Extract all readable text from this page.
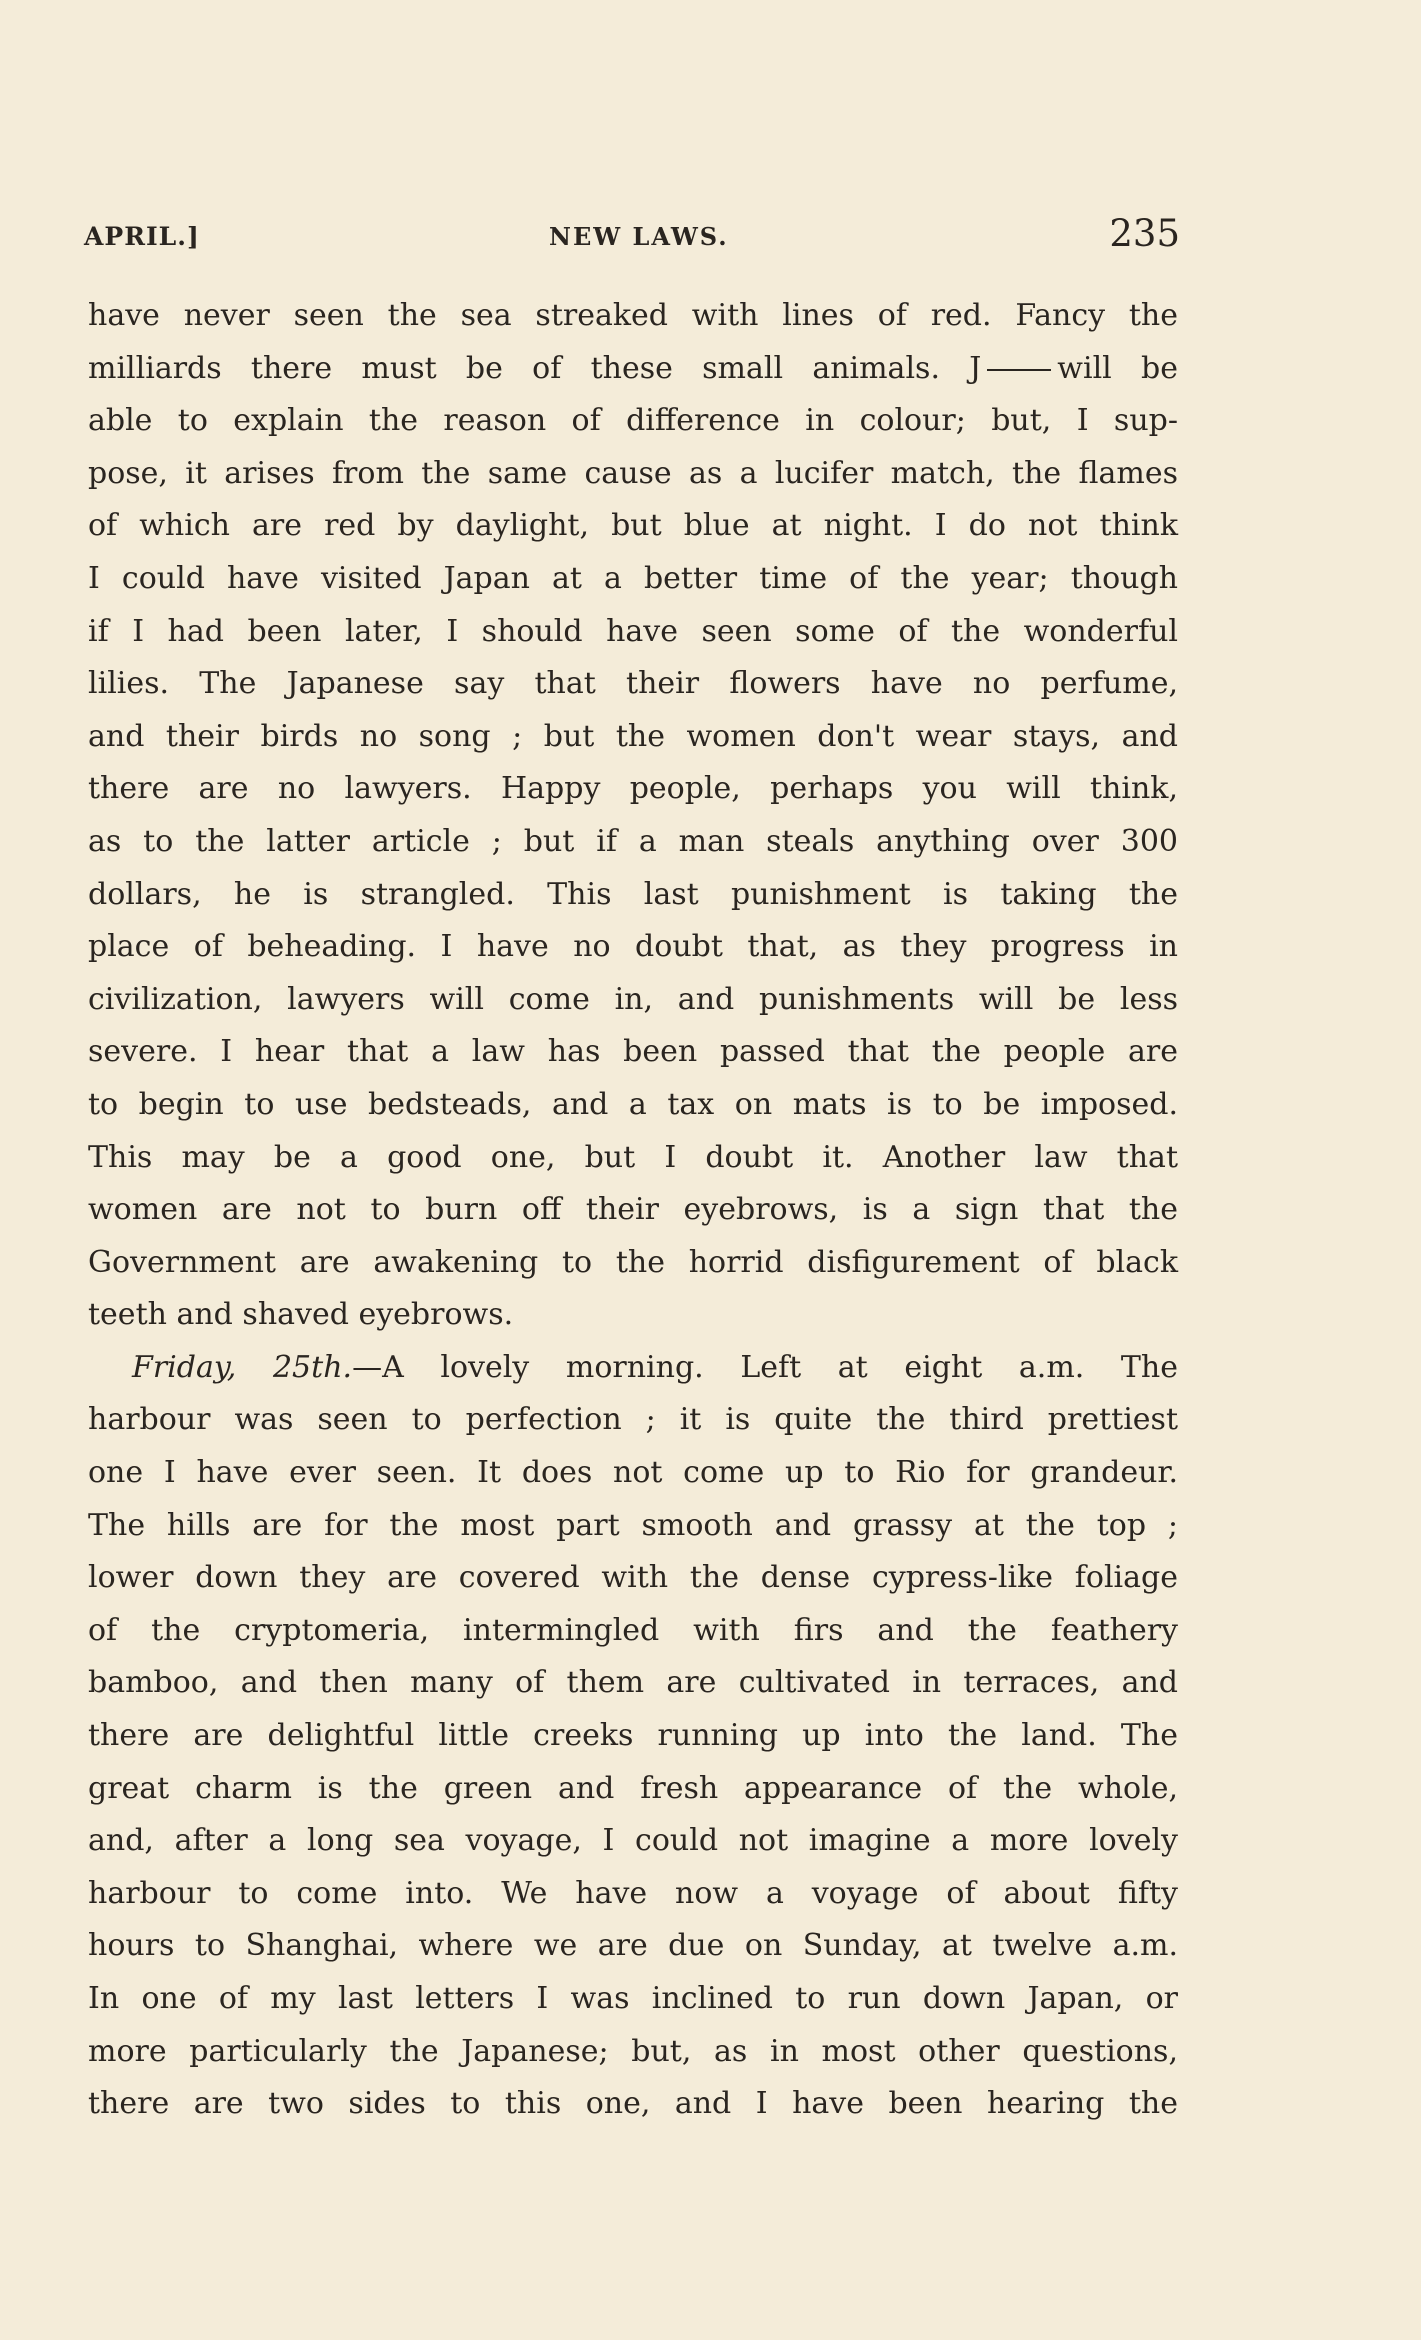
APRIL.]	NEW LAWS.	235
have never seen the sea streaked with lines of red. Fancy the
milliards there must be of these small animals. J	will be
able to explain the reason of difference in colour; but, I sup-
pose, it arises from the same cause as a lucifer match, the flames
of which are red by daylight, but blue at night. I do not think
I could have visited Japan at a better time of the year; though
if I had been later, I should have seen some of the wonderful
lilies. The Japanese say that their flowers have no perfume,
and their birds no song ; but the women don't wear stays, and
there are no lawyers. Happy people, perhaps you will think,
as to the latter article ; but if a man steals anything over 300
dollars, he is strangled. This last punishment is taking the
place of beheading. I have no doubt that, as they progress in
civilization, lawyers will come in, and punishments will be less
severe. I hear that a law has been passed that the people are
to begin to use bedsteads, and a tax on mats is to be imposed.
This may be a good one, but I doubt it. Another law that
women are not to burn off their eyebrows, is a sign that the
Government are awakening to the horrid disfigurement of black
teeth and shaved eyebrows.
Friday, 25th.—A lovely morning. Left at eight a.m. The
harbour was seen to perfection ; it is quite the third prettiest
one I have ever seen. It does not come up to Rio for grandeur.
The hills are for the most part smooth and grassy at the top ;
lower down they are covered with the dense cypress-like foliage
of the cryptomeria, intermingled with firs and the feathery
bamboo, and then many of them are cultivated in terraces, and
there are delightful little creeks running up into the land. The
great charm is the green and fresh appearance of the whole,
and, after a long sea voyage, I could not imagine a more lovely
harbour to come into. We have now a voyage of about fifty
hours to Shanghai, where we are due on Sunday, at twelve a.m.
In one of my last letters I was inclined to run down Japan, or
more particularly the Japanese; but, as in most other questions,
there are two sides to this one, and I have been hearing the
